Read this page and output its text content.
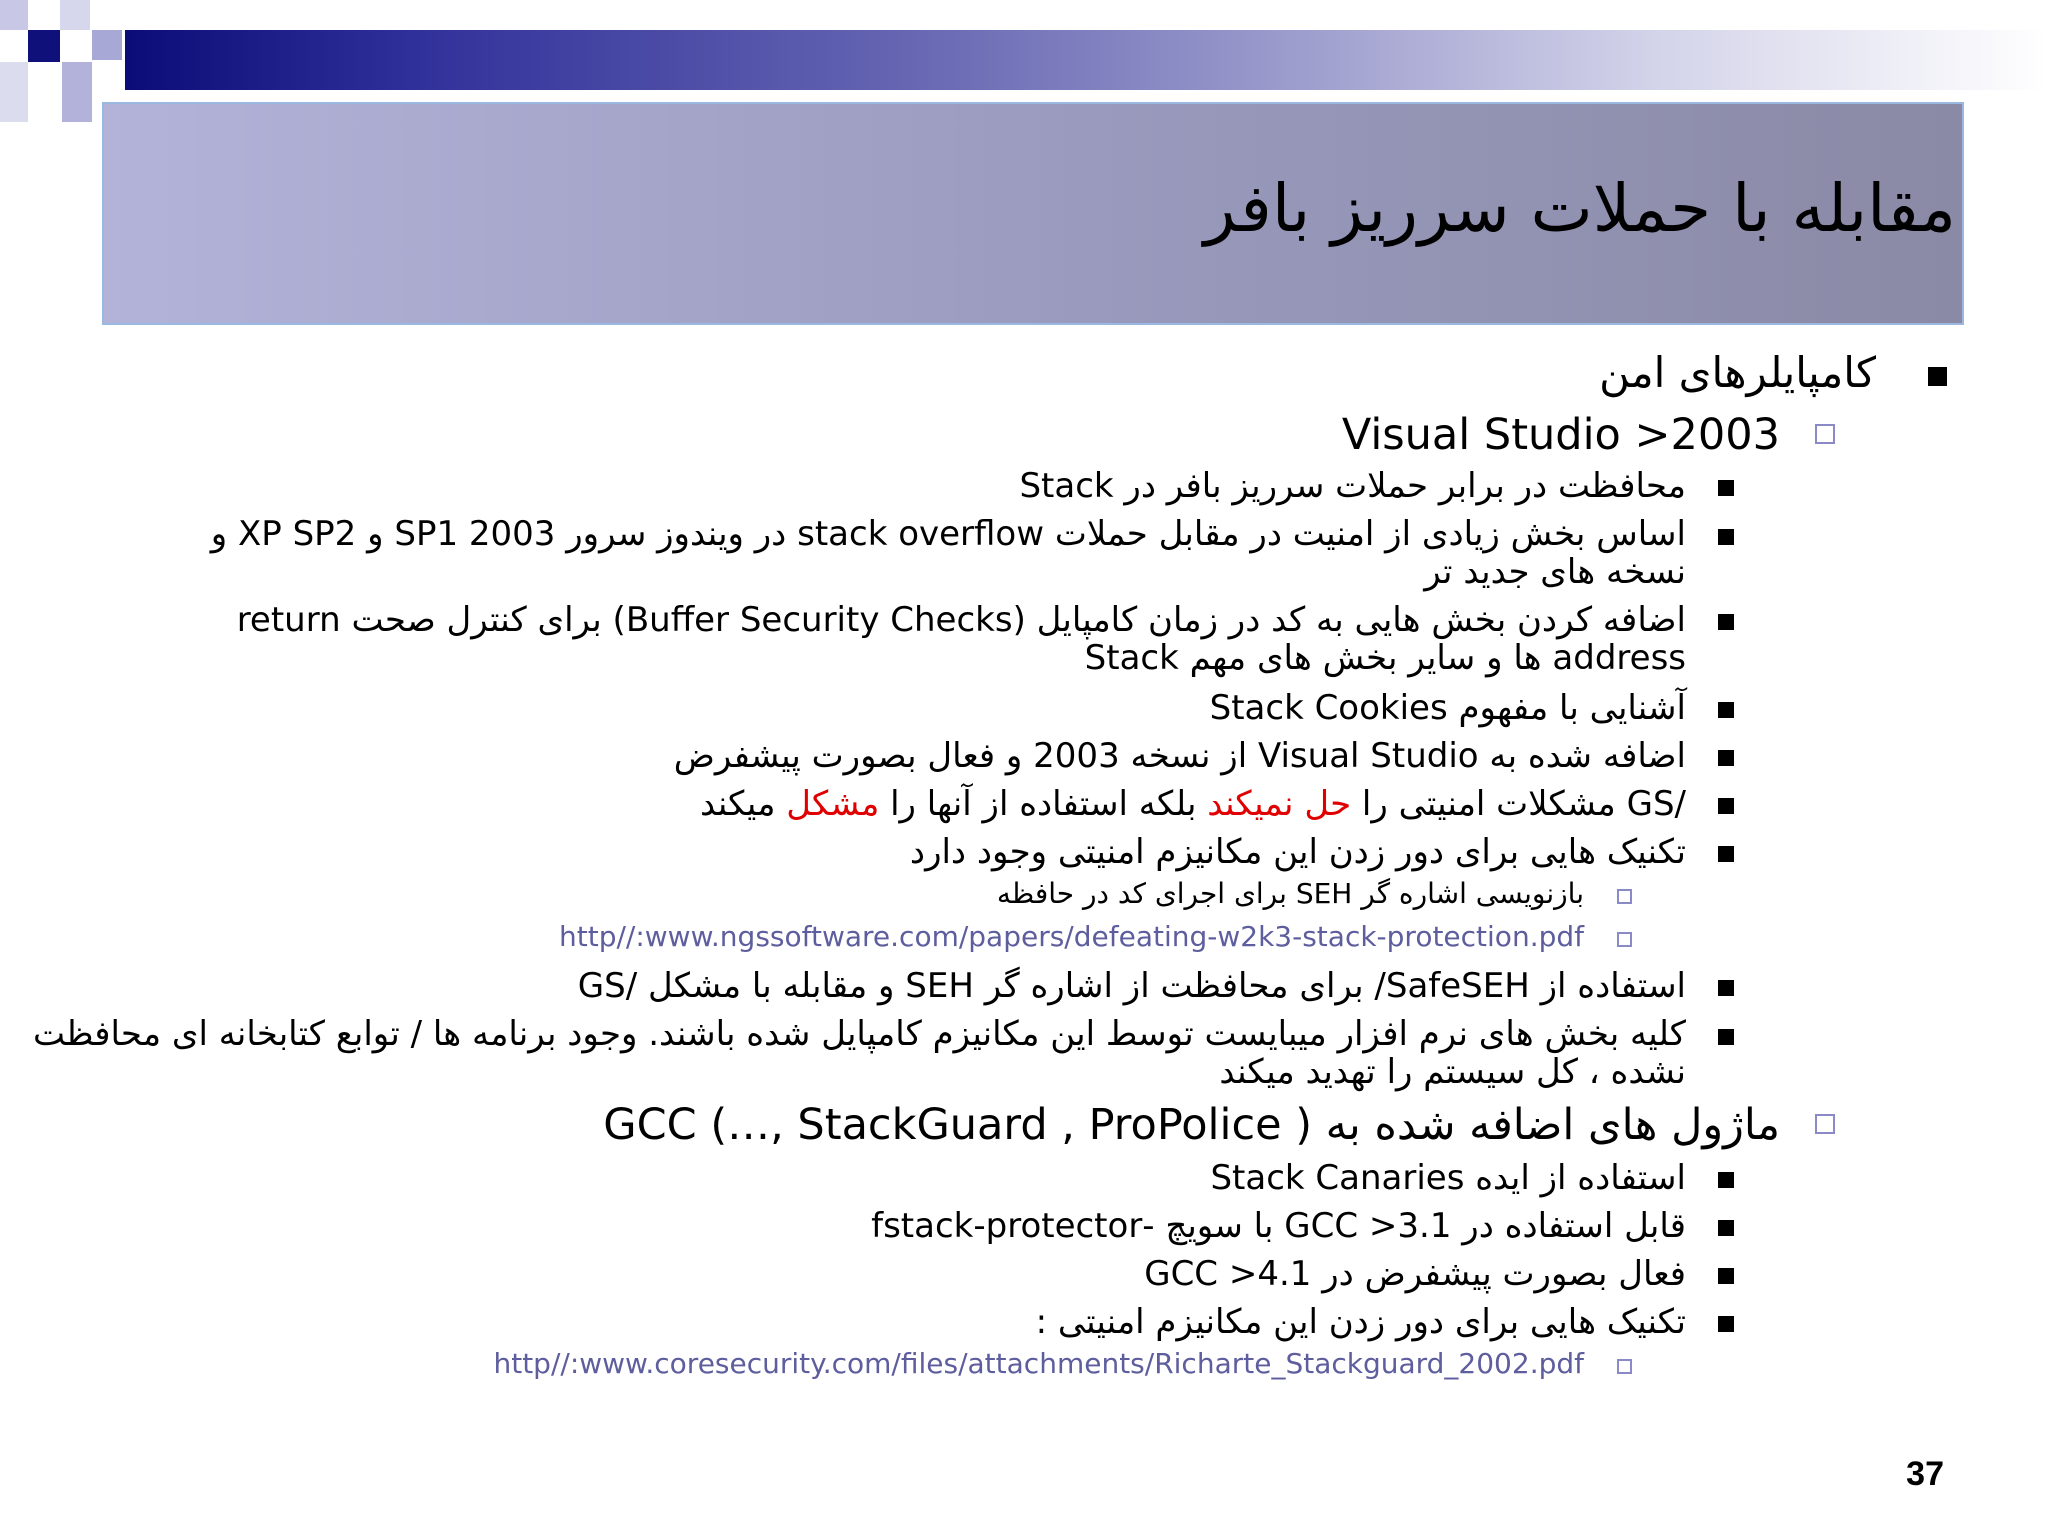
مقابله با حملات سرریز بافر
کامپایلرهای امن
Visual Studio >2003
محافظت در برابر حملات سرریز بافر در Stack
اساس بخش زیادی از امنیت در مقابل حملات stack overflow در ویندوز سرور 2003 SP1 و XP SP2 و
نسخه های جدید تر
اضافه کردن بخش هایی به کد در زمان کامپایل (Buffer Security Checks) برای کنترل صحت return
address ها و سایر بخش های مهم Stack
آشنایی با مفهوم Stack Cookies
اضافه شده به Visual Studio از نسخه 2003 و فعال بصورت پیشفرض
/GS مشکلات امنیتی را حل نمیکند بلکه استفاده از آنها را مشکل میکند
تکنیک هایی برای دور زدن این مکانیزم امنیتی وجود دارد
بازنویسی اشاره گر SEH برای اجرای کد در حافظه
http//:www.ngssoftware.com/papers/defeating-w2k3-stack-protection.pdf
استفاده از SafeSEH/ برای محافظت از اشاره گر SEH و مقابله با مشکل /GS
کلیه بخش های نرم افزار میبایست توسط این مکانیزم کامپایل شده باشند. وجود برنامه ها / توابع کتابخانه ای محافظت
نشده ، کل سیستم را تهدید میکند
ماژول های اضافه شده به GCC (…, StackGuard , ProPolice )
استفاده از ایده Stack Canaries
قابل استفاده در GCC >3.1 با سویچ -fstack-protector
فعال بصورت پیشفرض در GCC >4.1
تکنیک هایی برای دور زدن این مکانیزم امنیتی :
http//:www.coresecurity.com/files/attachments/Richarte_Stackguard_2002.pdf
37
